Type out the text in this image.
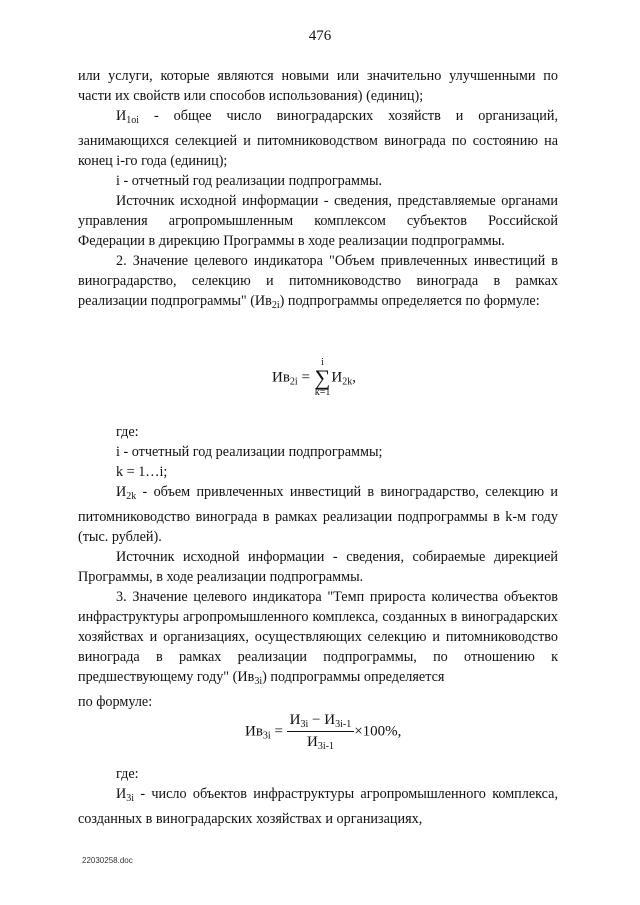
476

или услуги, которые являются новыми или значительно улучшенными по части их свойств или способов использования) (единиц);

$И_{1oi}$ - общее число виноградарских хозяйств и организаций, занимающихся селекцией и питомниководством винограда по состоянию на конец i-го года (единиц);

i - отчетный год реализации подпрограммы.

Источник исходной информации - сведения, представляемые органами управления агропромышленным комплексом субъектов Российской Федерации в дирекцию Программы в ходе реализации подпрограммы.

2. Значение целевого индикатора "Объем привлеченных инвестиций в виноградарство, селекцию и питомниководство винограда в рамках реализации подпрограммы" $(Ив_{2i})$ подпрограммы определяется по формуле:

$Ив_{2i}$ =
i
∑
k=1
$И_{2k}$,

где:

i - отчетный год реализации подпрограммы;

k = 1…i;

$И_{2k}$ - объем привлеченных инвестиций в виноградарство, селекцию и питомниководство винограда в рамках реализации подпрограммы в k-м году (тыс. рублей).

Источник исходной информации - сведения, собираемые дирекцией Программы, в ходе реализации подпрограммы.

3. Значение целевого индикатора "Темп прироста количества объектов инфраструктуры агропромышленного комплекса, созданных в виноградарских хозяйствах и организациях, осуществляющих селекцию и питомниководство винограда в рамках реализации подпрограммы, по отношению к предшествующему году" $(Ив_{3i})$ подпрограммы определяется

по формуле:

$Ив_{3i} = \frac{И_{3i} - И_{3i-1}}{И_{3i-1}} \times 100\%$,

где:

$И_{3i}$ - число объектов инфраструктуры агропромышленного комплекса, созданных в виноградарских хозяйствах и организациях,

22030258.doc
